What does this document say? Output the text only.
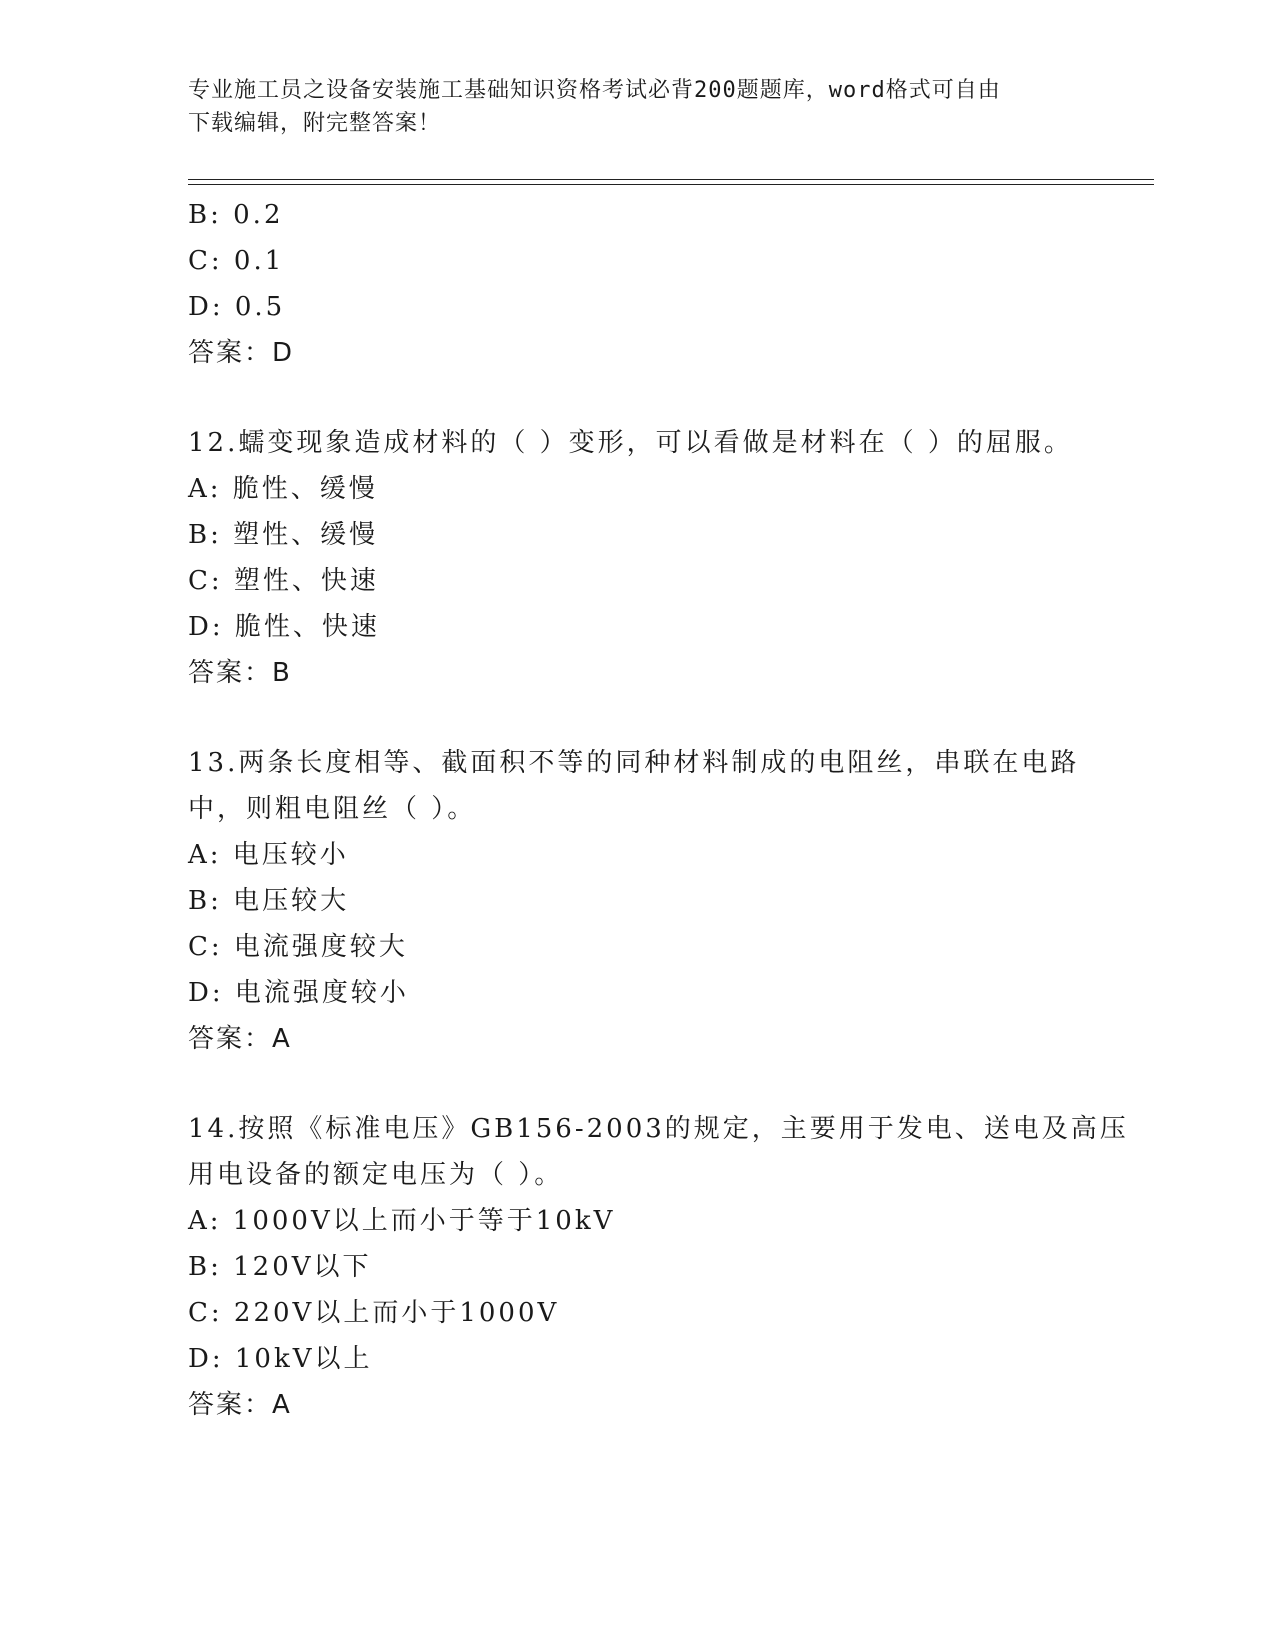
专业施工员之设备安装施工基础知识资格考试必背200题题库，word格式可自由
下载编辑，附完整答案！
B: 0.2
C: 0.1
D: 0.5
答案：D
12.蠕变现象造成材料的（ ）变形，可以看做是材料在（ ）的屈服。
A: 脆性、缓慢
B: 塑性、缓慢
C: 塑性、快速
D: 脆性、快速
答案：B
13.两条长度相等、截面积不等的同种材料制成的电阻丝，串联在电路
中，则粗电阻丝（ ）。
A: 电压较小
B: 电压较大
C: 电流强度较大
D: 电流强度较小
答案：A
14.按照《标准电压》GB156-2003的规定，主要用于发电、送电及高压
用电设备的额定电压为（ ）。
A: 1000V以上而小于等于10kV
B: 120V以下
C: 220V以上而小于1000V
D: 10kV以上
答案：A
